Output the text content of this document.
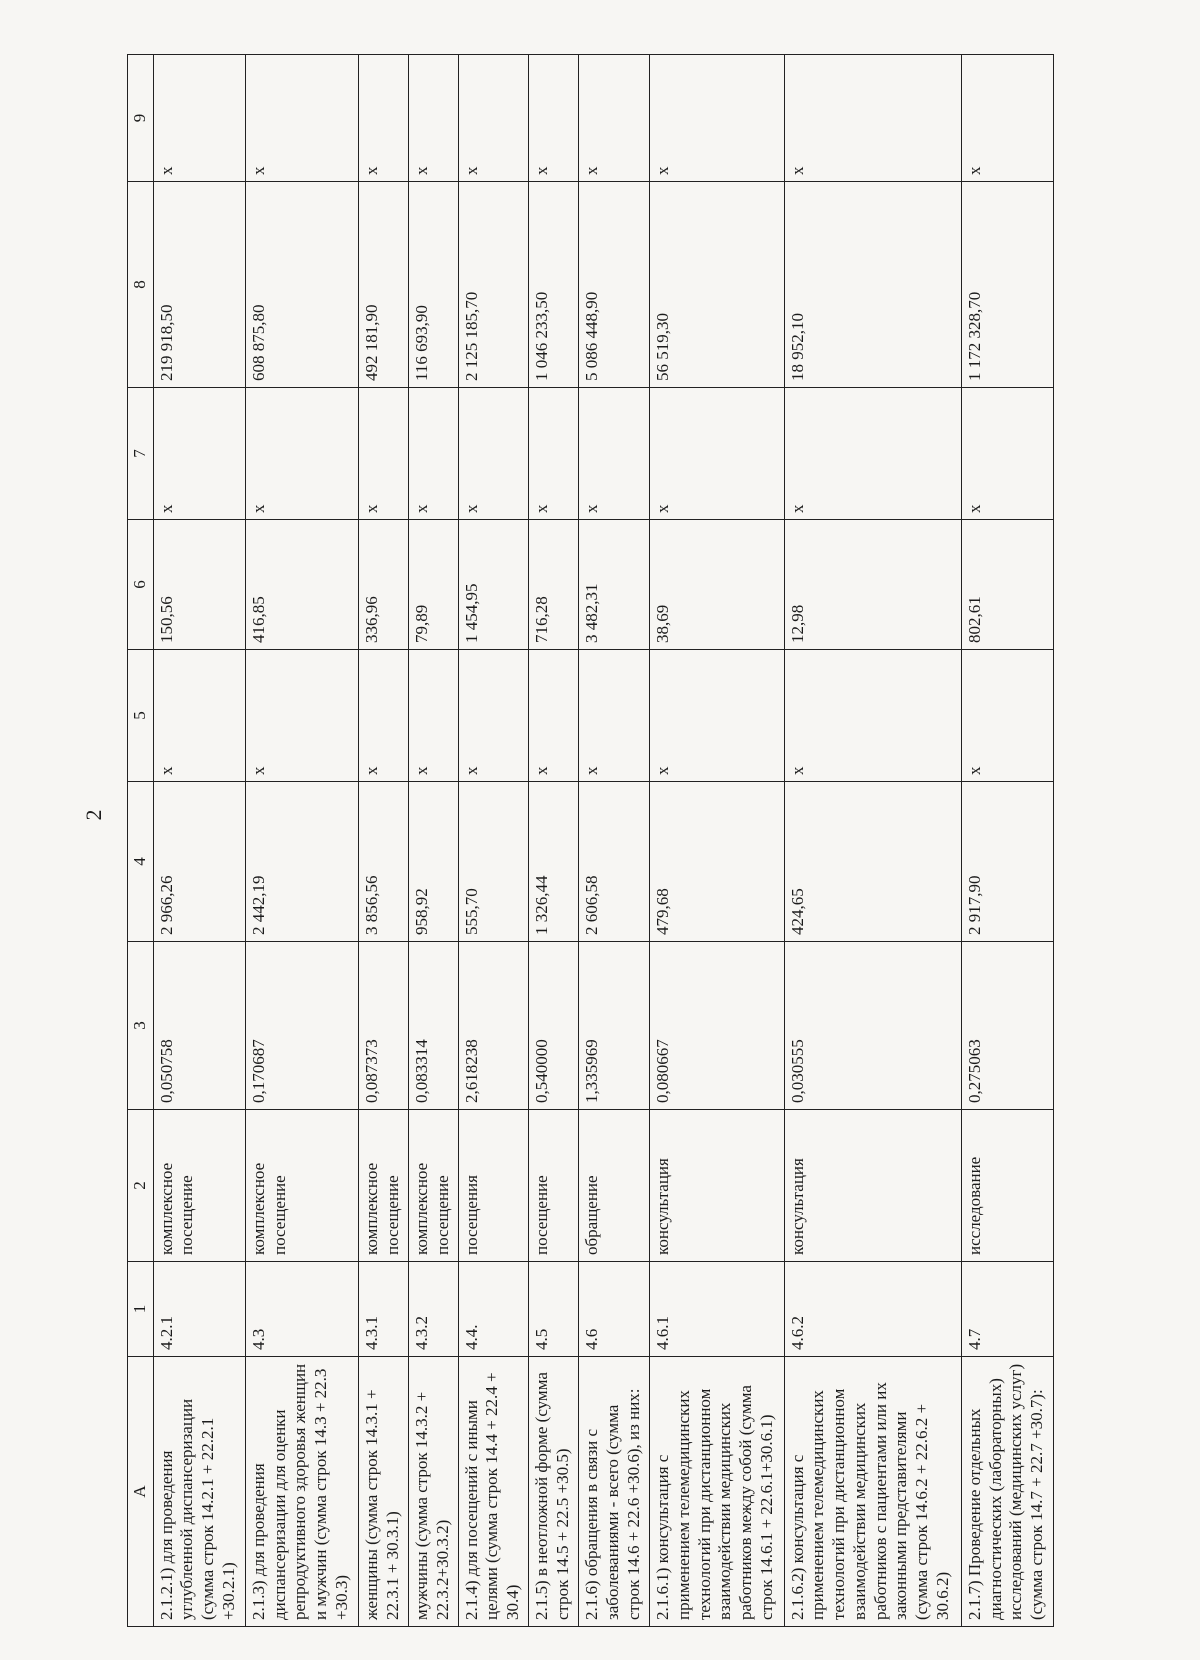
2
A	1	2	3	4	5	6	7	8	9
2.1.2.1) для проведения углубленной диспансеризации (сумма строк 14.2.1 + 22.2.1 +30.2.1)	4.2.1	комплексное посещение	0,050758	2 966,26	x	150,56	x	219 918,50	x
2.1.3) для проведения диспансеризации для оценки репродуктивного здоровья женщин и мужчин (сумма строк 14.3 + 22.3 +30.3)	4.3	комплексное посещение	0,170687	2 442,19	x	416,85	x	608 875,80	x
женщины (сумма строк 14.3.1 + 22.3.1 + 30.3.1)	4.3.1	комплексное посещение	0,087373	3 856,56	x	336,96	x	492 181,90	x
мужчины (сумма строк 14.3.2 + 22.3.2+30.3.2)	4.3.2	комплексное посещение	0,083314	958,92	x	79,89	x	116 693,90	x
2.1.4) для посещений с иными целями (сумма строк 14.4 + 22.4 + 30.4)	4.4.	посещения	2,618238	555,70	x	1 454,95	x	2 125 185,70	x
2.1.5) в неотложной форме (сумма строк 14.5 + 22.5 +30.5)	4.5	посещение	0,540000	1 326,44	x	716,28	x	1 046 233,50	x
2.1.6) обращения в связи с заболеваниями - всего (сумма строк 14.6 + 22.6 +30.6), из них:	4.6	обращение	1,335969	2 606,58	x	3 482,31	x	5 086 448,90	x
2.1.6.1) консультация с применением телемедицинских технологий при дистанционном взаимодействии медицинских работников между собой (сумма строк 14.6.1 + 22.6.1+30.6.1)	4.6.1	консультация	0,080667	479,68	x	38,69	x	56 519,30	x
2.1.6.2) консультация с применением телемедицинских технологий при дистанционном взаимодействии медицинских работников с пациентами или их законными представителями (сумма строк 14.6.2 + 22.6.2 + 30.6.2)	4.6.2	консультация	0,030555	424,65	x	12,98	x	18 952,10	x
2.1.7) Проведение отдельных диагностических (лабораторных) исследований (медицинских услуг) (сумма строк 14.7 + 22.7 +30.7):	4.7	исследование	0,275063	2 917,90	x	802,61	x	1 172 328,70	x
